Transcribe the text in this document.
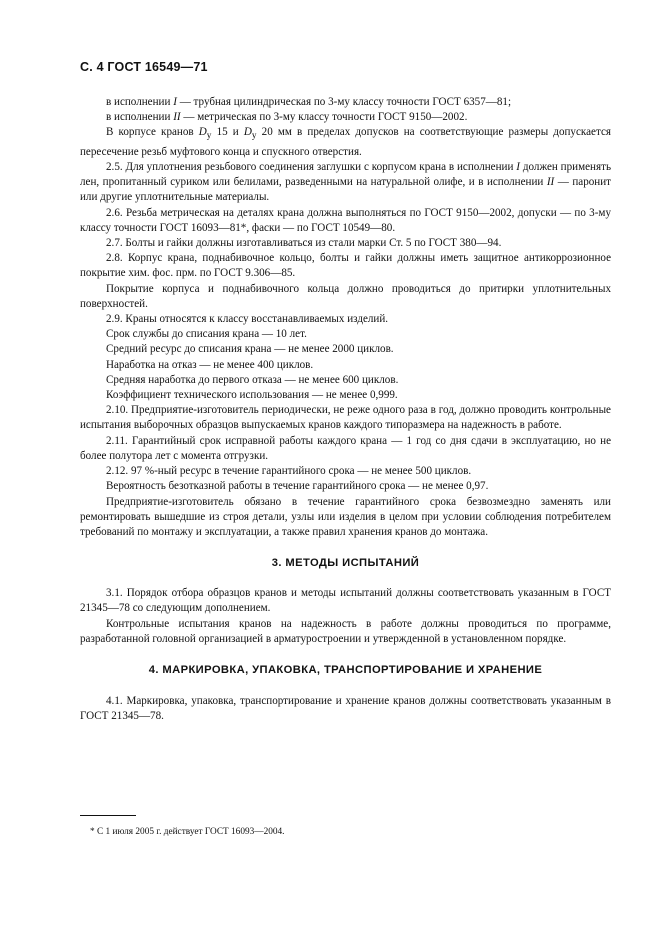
С. 4 ГОСТ 16549—71

в исполнении I — трубная цилиндрическая по 3-му классу точности ГОСТ 6357—81;

в исполнении II — метрическая по 3-му классу точности ГОСТ 9150—2002.

В корпусе кранов $D_у$ 15 и $D_у$ 20 мм в пределах допусков на соответствующие размеры допускается пересечение резьб муфтового конца и спускного отверстия.

2.5. Для уплотнения резьбового соединения заглушки с корпусом крана в исполнении I должен применять лен, пропитанный суриком или белилами, разведенными на натуральной олифе, и в исполнении II — паронит или другие уплотнительные материалы.

2.6. Резьба метрическая на деталях крана должна выполняться по ГОСТ 9150—2002, допуски — по 3-му классу точности ГОСТ 16093—81*, фаски — по ГОСТ 10549—80.

2.7. Болты и гайки должны изготавливаться из стали марки Ст. 5 по ГОСТ 380—94.

2.8. Корпус крана, поднабивочное кольцо, болты и гайки должны иметь защитное антикоррозионное покрытие хим. фос. прм. по ГОСТ 9.306—85.

Покрытие корпуса и поднабивочного кольца должно проводиться до притирки уплотнительных поверхностей.

2.9. Краны относятся к классу восстанавливаемых изделий.

Срок службы до списания крана — 10 лет.

Средний ресурс до списания крана — не менее 2000 циклов.

Наработка на отказ — не менее 400 циклов.

Средняя наработка до первого отказа — не менее 600 циклов.

Коэффициент технического использования — не менее 0,999.

2.10. Предприятие-изготовитель периодически, не реже одного раза в год, должно проводить контрольные испытания выборочных образцов выпускаемых кранов каждого типоразмера на надежность в работе.

2.11. Гарантийный срок исправной работы каждого крана — 1 год со дня сдачи в эксплуатацию, но не более полутора лет с момента отгрузки.

2.12. 97 %-ный ресурс в течение гарантийного срока — не менее 500 циклов.

Вероятность безотказной работы в течение гарантийного срока — не менее 0,97.

Предприятие-изготовитель обязано в течение гарантийного срока безвозмездно заменять или ремонтировать вышедшие из строя детали, узлы или изделия в целом при условии соблюдения потребителем требований по монтажу и эксплуатации, а также правил хранения кранов до монтажа.

3. МЕТОДЫ ИСПЫТАНИЙ

3.1. Порядок отбора образцов кранов и методы испытаний должны соответствовать указанным в ГОСТ 21345—78 со следующим дополнением.

Контрольные испытания кранов на надежность в работе должны проводиться по программе, разработанной головной организацией в арматуростроении и утвержденной в установленном порядке.

4. МАРКИРОВКА, УПАКОВКА, ТРАНСПОРТИРОВАНИЕ И ХРАНЕНИЕ

4.1. Маркировка, упаковка, транспортирование и хранение кранов должны соответствовать указанным в ГОСТ 21345—78.

* С 1 июля 2005 г. действует ГОСТ 16093—2004.
